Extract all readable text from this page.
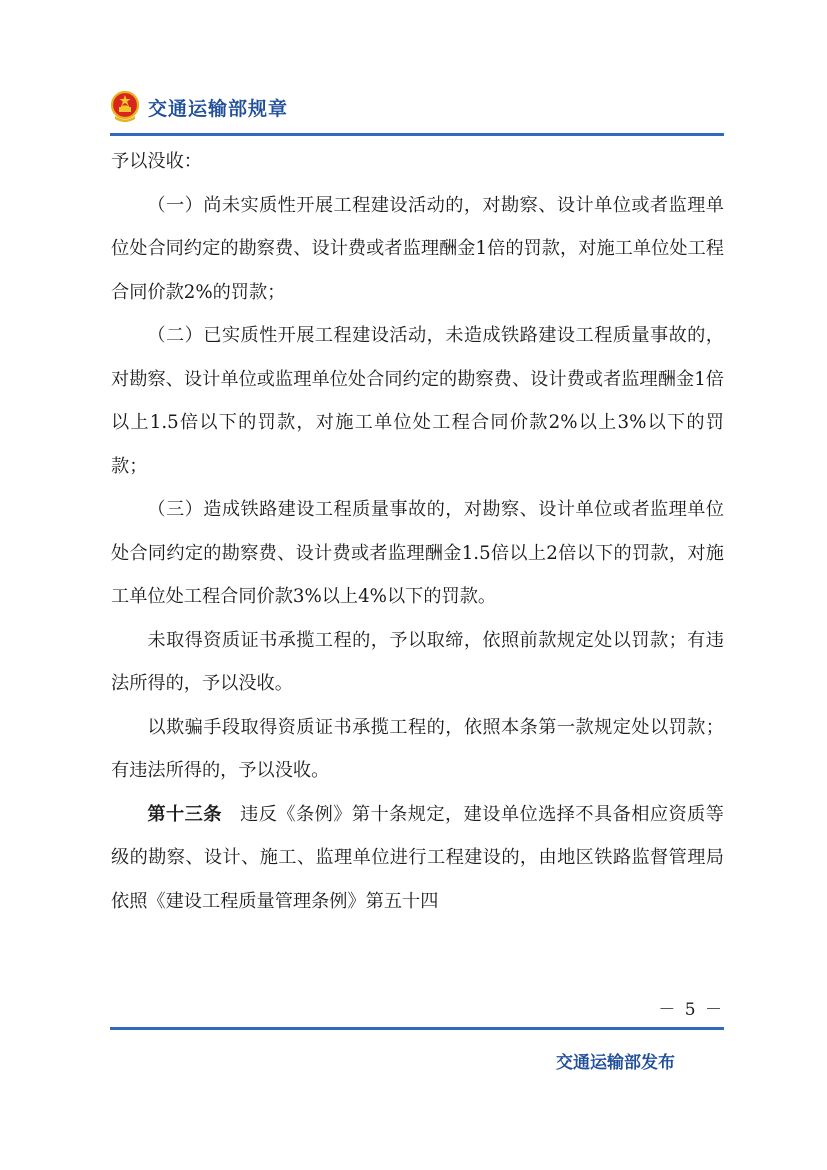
交通运输部规章

予以没收：

（一）尚未实质性开展工程建设活动的，对勘察、设计单位或者监理单位处合同约定的勘察费、设计费或者监理酬金1倍的罚款，对施工单位处工程合同价款2%的罚款；

（二）已实质性开展工程建设活动，未造成铁路建设工程质量事故的，对勘察、设计单位或监理单位处合同约定的勘察费、设计费或者监理酬金1倍以上1.5倍以下的罚款，对施工单位处工程合同价款2%以上3%以下的罚款；

（三）造成铁路建设工程质量事故的，对勘察、设计单位或者监理单位处合同约定的勘察费、设计费或者监理酬金1.5倍以上2倍以下的罚款，对施工单位处工程合同价款3%以上4%以下的罚款。

未取得资质证书承揽工程的，予以取缔，依照前款规定处以罚款；有违法所得的，予以没收。

以欺骗手段取得资质证书承揽工程的，依照本条第一款规定处以罚款；有违法所得的，予以没收。

第十三条 违反《条例》第十条规定，建设单位选择不具备相应资质等级的勘察、设计、施工、监理单位进行工程建设的，由地区铁路监督管理局依照《建设工程质量管理条例》第五十四

－ 5 －
交通运输部发布
